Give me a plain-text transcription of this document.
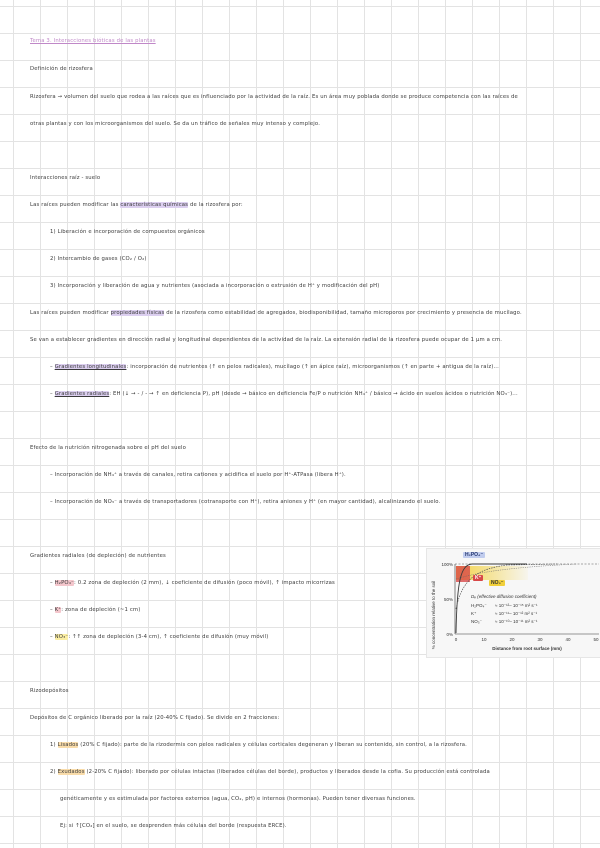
Tema 3. Interacciones bióticas de las plantas
Definición de rizosfera
Rizosfera → volumen del suelo que rodea a las raíces que es influenciado por la actividad de la raíz. Es un área muy poblada donde se produce competencia con las raíces de
otras plantas y con los microorganismos del suelo. Se da un tráfico de señales muy intenso y complejo.
Interacciones raíz - suelo
Las raíces pueden modificar las características químicas de la rizosfera por:
1) Liberación e incorporación de compuestos orgánicos
2) Intercambio de gases (CO₂ / O₂)
3) Incorporación y liberación de agua y nutrientes (asociada a incorporación o extrusión de H⁺ y modificación del pH)
Las raíces pueden modificar propiedades físicas de la rizosfera como estabilidad de agregados, biodisponibilidad, tamaño microporos por crecimiento y presencia de mucílago.
Se van a establecer gradientes en dirección radial y longitudinal dependientes de la actividad de la raíz. La extensión radial de la rizosfera puede ocupar de 1 µm a cm.
– Gradientes longitudinales: incorporación de nutrientes (↑ en pelos radicales), mucílago (↑ en ápice raíz), microorganismos (↑ en parte + antigua de la raíz)...
– Gradientes radiales: EH (↓ → - / - → ↑ en deficiencia P), pH (desde → básico en deficiencia Fe/P o nutrición NH₄⁺ / básico → ácido en suelos ácidos o nutrición NO₃⁻)...
Efecto de la nutrición nitrogenada sobre el pH del suelo
– Incorporación de NH₄⁺ a través de canales, retira cationes y acidifica el suelo por H⁺-ATPasa (libera H⁺).
– Incorporación de NO₃⁻ a través de transportadores (cotransporte con H⁺), retira aniones y H⁺ (en mayor cantidad), alcalinizando el suelo.
Gradientes radiales (de depleción) de nutrientes
– H₂PO₄⁻: 0.2 zona de depleción (2 mm), ↓ coeficiente de difusión (poco móvil), ↑ impacto micorrizas
– K⁺: zona de depleción (~1 cm)
– NO₃⁻: ↑↑ zona de depleción (3-4 cm), ↑ coeficiente de difusión (muy móvil)
H₂PO₄⁻
% concentration relative to the soil
100%
50%
0%
0	10	20	30	40	50
Distance from root surface (mm)
Dₑ (effective diffusion coefficient)
H₂PO₄⁻ ≈ 10⁻¹²– 10⁻¹⁵ m² s⁻¹
K⁺	≈ 10⁻¹¹– 10⁻¹² m² s⁻¹
NO₃⁻	≈ 10⁻¹⁰– 10⁻¹¹ m² s⁻¹
K⁺
NO₃⁻
Rizodepósitos
Depósitos de C orgánico liberado por la raíz (20-40% C fijado). Se divide en 2 fracciones:
1) Lisados (20% C fijado): parte de la rizodermis con pelos radicales y células corticales degeneran y liberan su contenido, sin control, a la rizosfera.
2) Exudados (2-20% C fijado): liberado por células intactas (liberados células del borde), productos y liberados desde la cofia. Su producción está controlada
genéticamente y es estimulada por factores externos (agua, CO₂, pH) e internos (hormonas). Pueden tener diversas funciones.
Ej: si ↑[CO₂] en el suelo, se desprenden más células del borde (respuesta ERCE).
